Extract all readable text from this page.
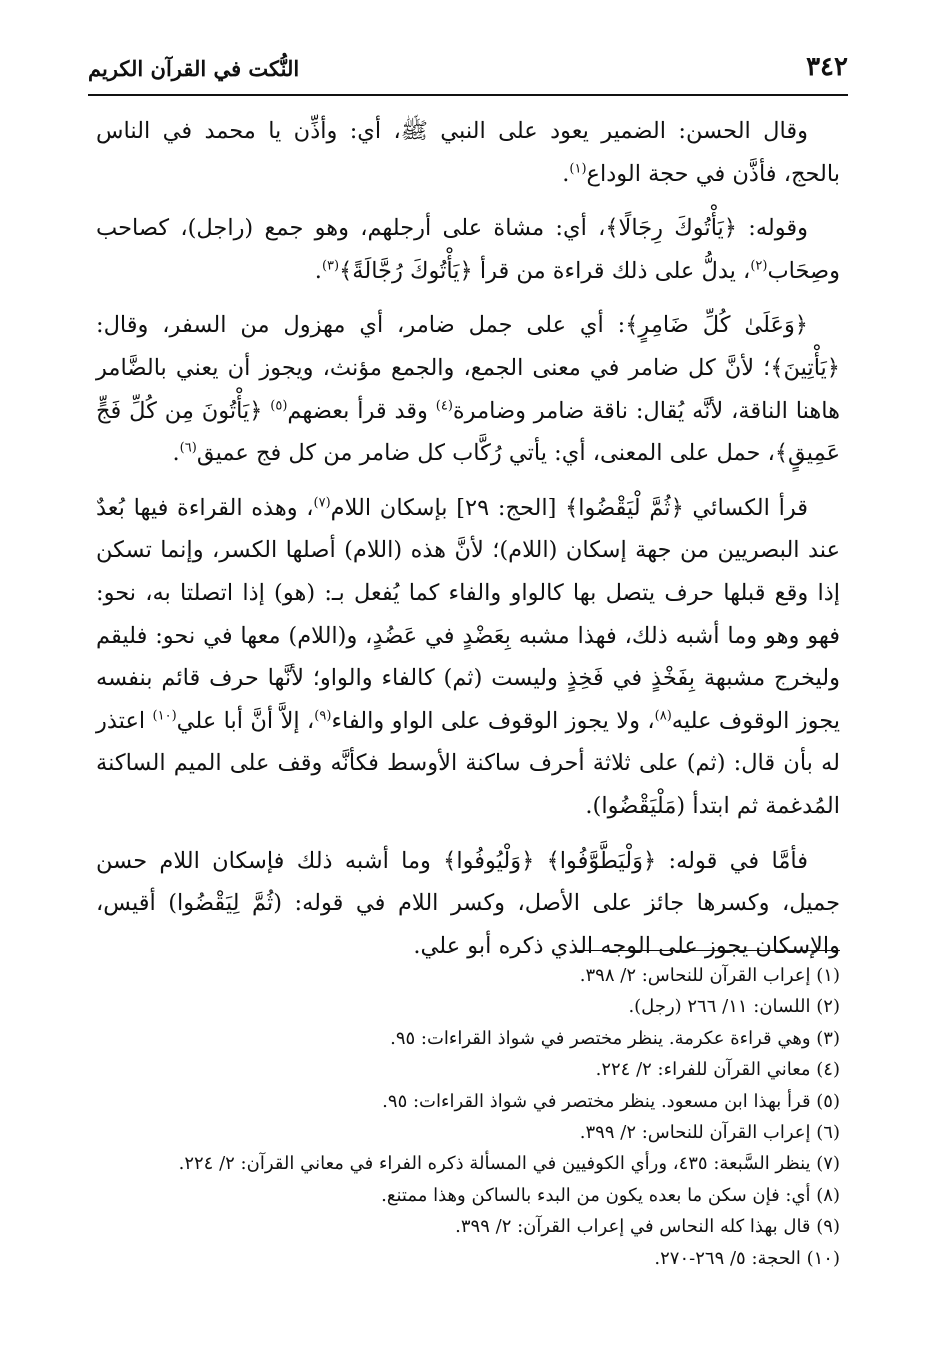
٣٤٢
النُّكت في القرآن الكريم

وقال الحسن: الضمير يعود على النبي ﷺ، أي: وأذِّن يا محمد في الناس بالحج، فأذَّن في حجة الوداع$^{(١)}$.

وقوله: ﴿يَأْتُوكَ رِجَالًا﴾، أي: مشاة على أرجلهم، وهو جمع (راجل)، كصاحب وصِحَاب$^{(٢)}$، يدلُّ على ذلك قراءة من قرأ ﴿يَأْتُوكَ رُجَّالَةً﴾$^{(٣)}$.

﴿وَعَلَىٰ كُلِّ ضَامِرٍ﴾: أي على جمل ضامر، أي مهزول من السفر، وقال: ﴿يَأْتِينَ﴾؛ لأنَّ كل ضامر في معنى الجمع، والجمع مؤنث، ويجوز أن يعني بالضَّامر هاهنا الناقة، لأنَّه يُقال: ناقة ضامر وضامرة$^{(٤)}$ وقد قرأ بعضهم$^{(٥)}$ ﴿يَأْتُونَ مِن كُلِّ فَجٍّ عَمِيقٍ﴾، حمل على المعنى، أي: يأتي رُكَّاب كل ضامر من كل فج عميق$^{(٦)}$.

قرأ الكسائي ﴿ثُمَّ لْيَقْضُوا﴾ [الحج: ٢٩] بإسكان اللام$^{(٧)}$، وهذه القراءة فيها بُعدٌ عند البصريين من جهة إسكان (اللام)؛ لأنَّ هذه (اللام) أصلها الكسر، وإنما تسكن إذا وقع قبلها حرف يتصل بها كالواو والفاء كما يُفعل بـ: (هو) إذا اتصلتا به، نحو: فهو وهو وما أشبه ذلك، فهذا مشبه بِعَضْدٍ في عَضُدٍ، و(اللام) معها في نحو: فليقم وليخرج مشبهة بِفَخْذٍ في فَخِذٍ وليست (ثم) كالفاء والواو؛ لأنَّها حرف قائم بنفسه يجوز الوقوف عليه$^{(٨)}$، ولا يجوز الوقوف على الواو والفاء$^{(٩)}$، إلاَّ أنَّ أبا علي$^{(١٠)}$ اعتذر له بأن قال: (ثم) على ثلاثة أحرف ساكنة الأوسط فكأنَّه وقف على الميم الساكنة المُدغمة ثم ابتدأ (مَلْيَقْضُوا).

فأمَّا في قوله: ﴿وَلْيَطَّوَّفُوا﴾ ﴿وَلْيُوفُوا﴾ وما أشبه ذلك فإسكان اللام حسن جميل، وكسرها جائز على الأصل، وكسر اللام في قوله: (ثُمَّ لِيَقْضُوا) أقيس، والإسكان يجوز على الوجه الذي ذكره أبو علي.

(١) إعراب القرآن للنحاس: ٢/ ٣٩٨.

(٢) اللسان: ١١/ ٢٦٦ (رجل).

(٣) وهي قراءة عكرمة. ينظر مختصر في شواذ القراءات: ٩٥.

(٤) معاني القرآن للفراء: ٢/ ٢٢٤.

(٥) قرأ بهذا ابن مسعود. ينظر مختصر في شواذ القراءات: ٩٥.

(٦) إعراب القرآن للنحاس: ٢/ ٣٩٩.

(٧) ينظر السَّبعة: ٤٣٥، ورأي الكوفيين في المسألة ذكره الفراء في معاني القرآن: ٢/ ٢٢٤.

(٨) أي: فإن سكن ما بعده يكون من البدء بالساكن وهذا ممتنع.

(٩) قال بهذا كله النحاس في إعراب القرآن: ٢/ ٣٩٩.

(١٠) الحجة: ٥/ ٢٦٩-٢٧٠.
